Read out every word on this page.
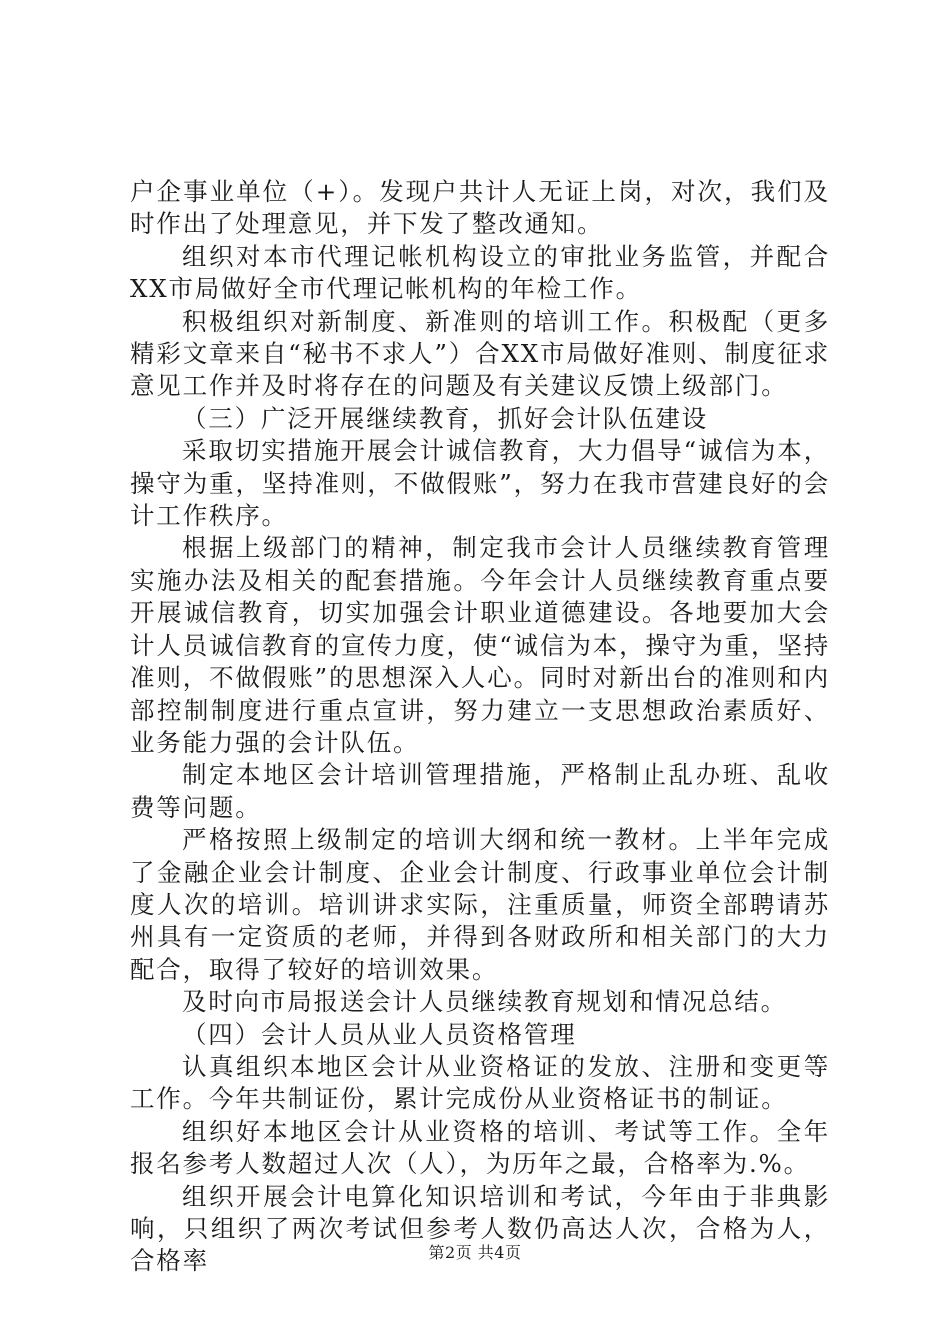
户企事业单位（+）。发现户共计人无证上岗，对次，我们及时作出了处理意见，并下发了整改通知。

组织对本市代理记帐机构设立的审批业务监管，并配合XX市局做好全市代理记帐机构的年检工作。

积极组织对新制度、新准则的培训工作。积极配（更多精彩文章来自“秘书不求人”）合XX市局做好准则、制度征求意见工作并及时将存在的问题及有关建议反馈上级部门。

（三）广泛开展继续教育，抓好会计队伍建设

采取切实措施开展会计诚信教育，大力倡导“诚信为本，操守为重，坚持准则，不做假账”，努力在我市营建良好的会计工作秩序。

根据上级部门的精神，制定我市会计人员继续教育管理实施办法及相关的配套措施。今年会计人员继续教育重点要开展诚信教育，切实加强会计职业道德建设。各地要加大会计人员诚信教育的宣传力度，使“诚信为本，操守为重，坚持准则，不做假账”的思想深入人心。同时对新出台的准则和内部控制制度进行重点宣讲，努力建立一支思想政治素质好、业务能力强的会计队伍。

制定本地区会计培训管理措施，严格制止乱办班、乱收费等问题。

严格按照上级制定的培训大纲和统一教材。上半年完成了金融企业会计制度、企业会计制度、行政事业单位会计制度人次的培训。培训讲求实际，注重质量，师资全部聘请苏州具有一定资质的老师，并得到各财政所和相关部门的大力配合，取得了较好的培训效果。

及时向市局报送会计人员继续教育规划和情况总结。

（四）会计人员从业人员资格管理

认真组织本地区会计从业资格证的发放、注册和变更等工作。今年共制证份，累计完成份从业资格证书的制证。

组织好本地区会计从业资格的培训、考试等工作。全年报名参考人数超过人次（人），为历年之最，合格率为.%。

组织开展会计电算化知识培训和考试，今年由于非典影响，只组织了两次考试但参考人数仍高达人次，合格为人，合格率	第2页 共4页
